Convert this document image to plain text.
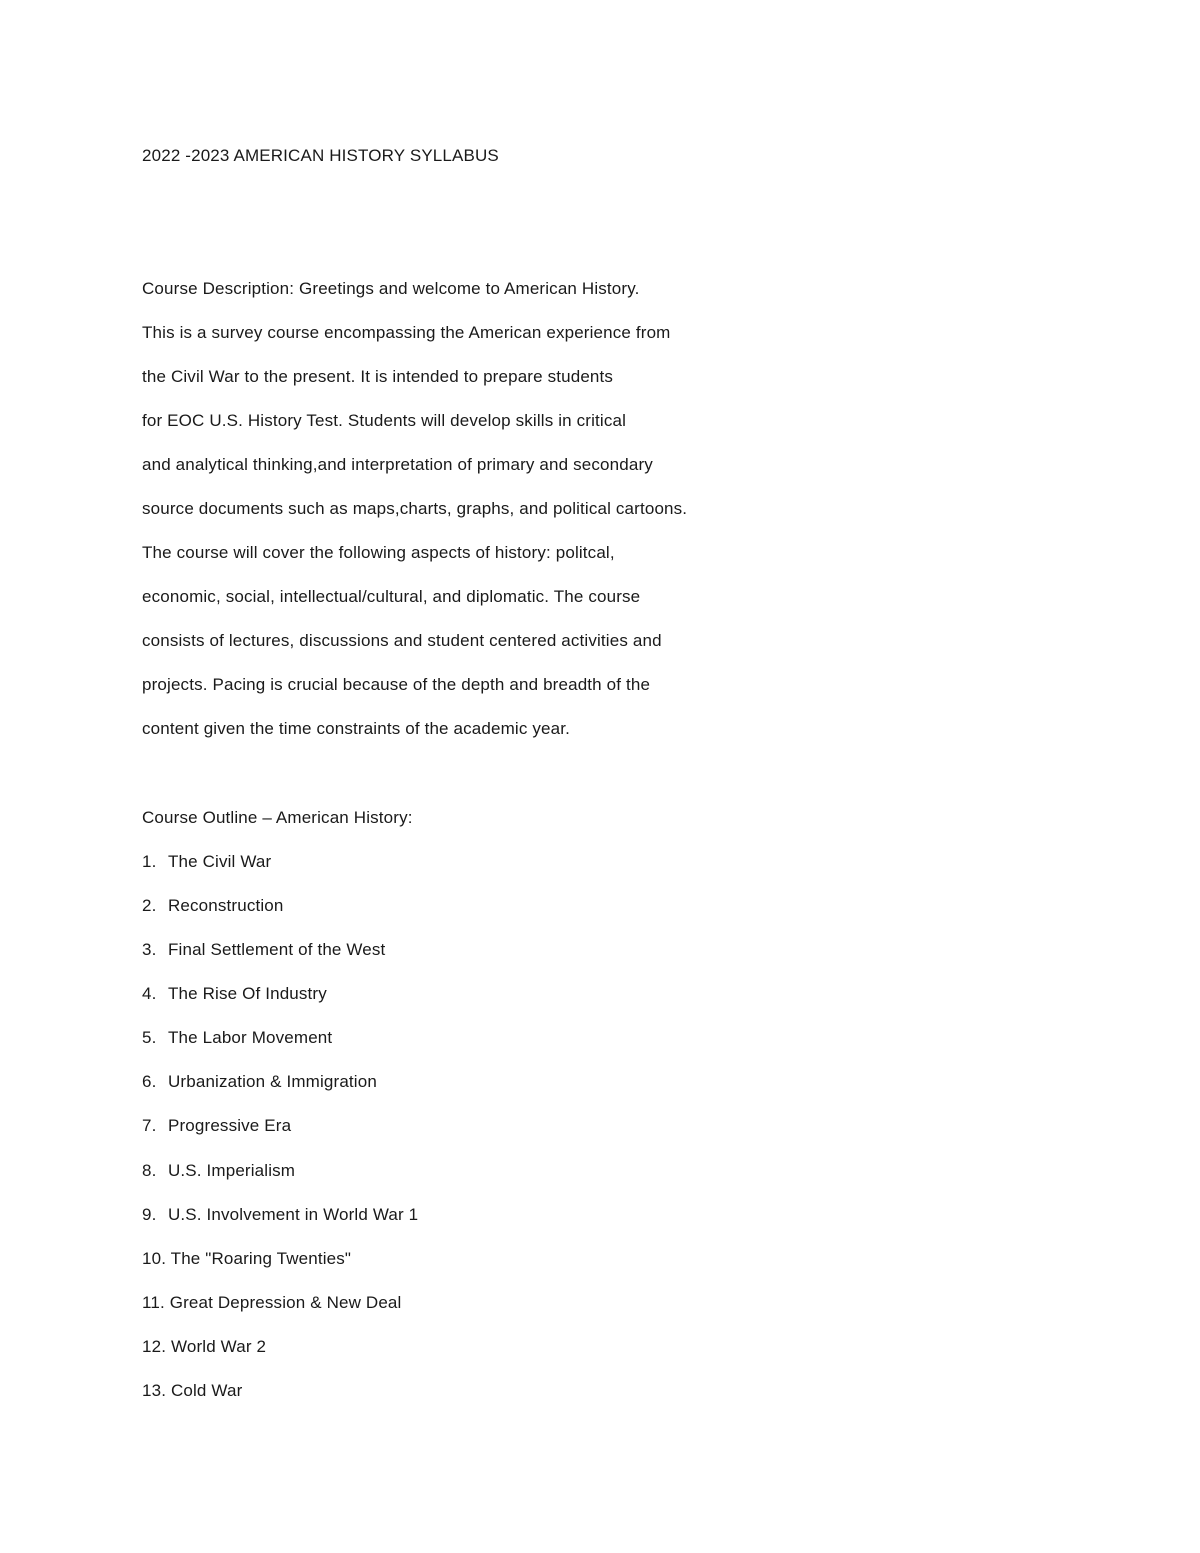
2022 -2023 AMERICAN HISTORY SYLLABUS
Course Description: Greetings and welcome to American History.
This is a survey course encompassing the American experience from
the Civil War to the present. It is intended to prepare students
for EOC U.S. History Test. Students will develop skills in critical
and analytical thinking,and interpretation of primary and secondary
source documents such as maps,charts, graphs, and political cartoons.
The course will cover the following aspects of history: politcal,
economic, social, intellectual/cultural, and diplomatic. The course
consists of lectures, discussions and student centered activities and
projects. Pacing is crucial because of the depth and breadth of the
content given the time constraints of the academic year.
Course Outline – American History:
1. The Civil War
2. Reconstruction
3. Final Settlement of the West
4. The Rise Of Industry
5. The Labor Movement
6. Urbanization & Immigration
7. Progressive Era
8. U.S. Imperialism
9. U.S. Involvement in World War 1
10. The "Roaring Twenties"
11. Great Depression & New Deal
12. World War 2
13. Cold War
